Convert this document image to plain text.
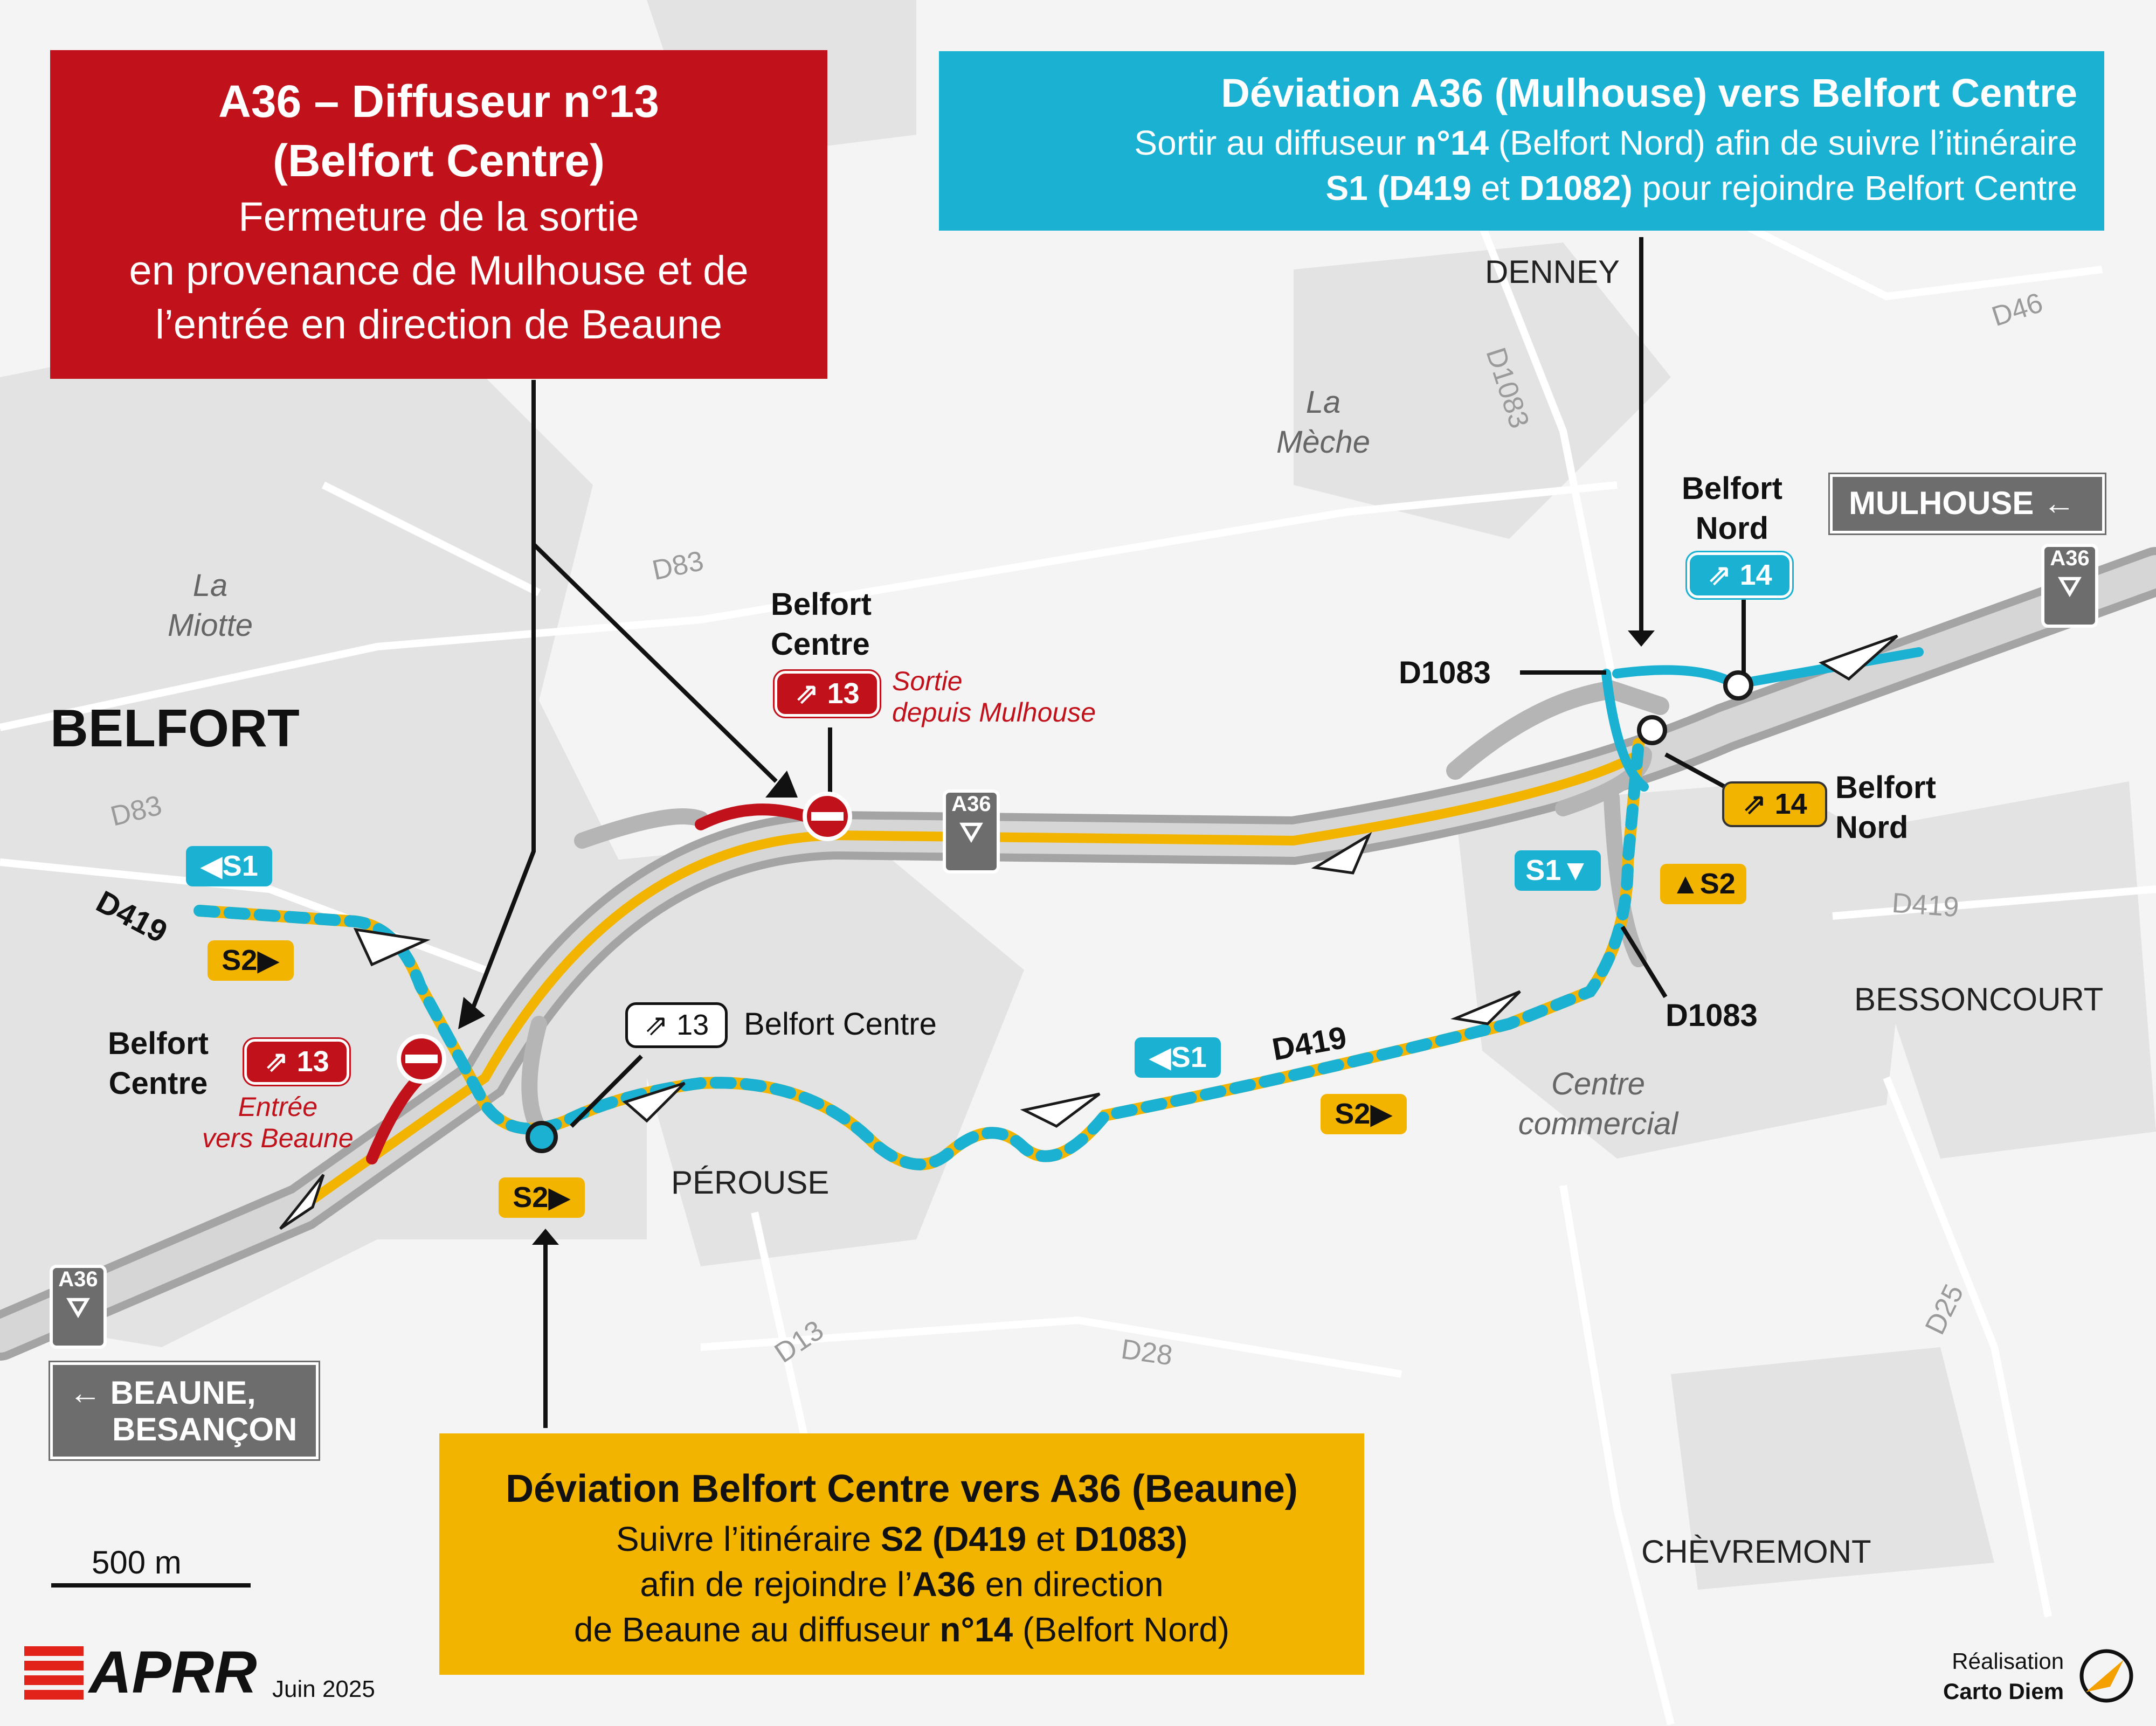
A36 – Diffuseur n°13
(Belfort Centre)
Fermeture de la sortie
en provenance de Mulhouse et de
l’entrée en direction de Beaune
Déviation A36 (Mulhouse) vers Belfort Centre
Sortir au diffuseur n°14 (Belfort Nord) afin de suivre l’itinéraire
S1 (D419 et D1082) pour rejoindre Belfort Centre
Déviation Belfort Centre vers A36 (Beaune)
Suivre l’itinéraire S2 (D419 et D1083)
afin de rejoindre l’A36 en direction
de Beaune au diffuseur n°14 (Belfort Nord)
BELFORT
DENNEY
La
Mèche
La
Miotte
PÉROUSE
BESSONCOURT
CHÈVREMONT
Centre
commercial
D83
D83
D1083
D46
D419
D13	D28
D25
D419
D419
D1083
D1083
Belfort
Centre
Belfort
Centre
Belfort
Nord
Belfort
Nord
Belfort Centre
Sortie
depuis Mulhouse
Entrée
vers Beaune
⇗ 13
⇗ 13
⇗ 13
⇗ 14
⇗ 14
◀S1
S2▶
S2▶
◀S1
S2▶
S1▼	▲S2
A36
⛛
A36
⛛
A36
⛛
MULHOUSE ←
← BEAUNE,
BESANÇON
500 m
APRR Juin 2025
Réalisation
Carto Diem
